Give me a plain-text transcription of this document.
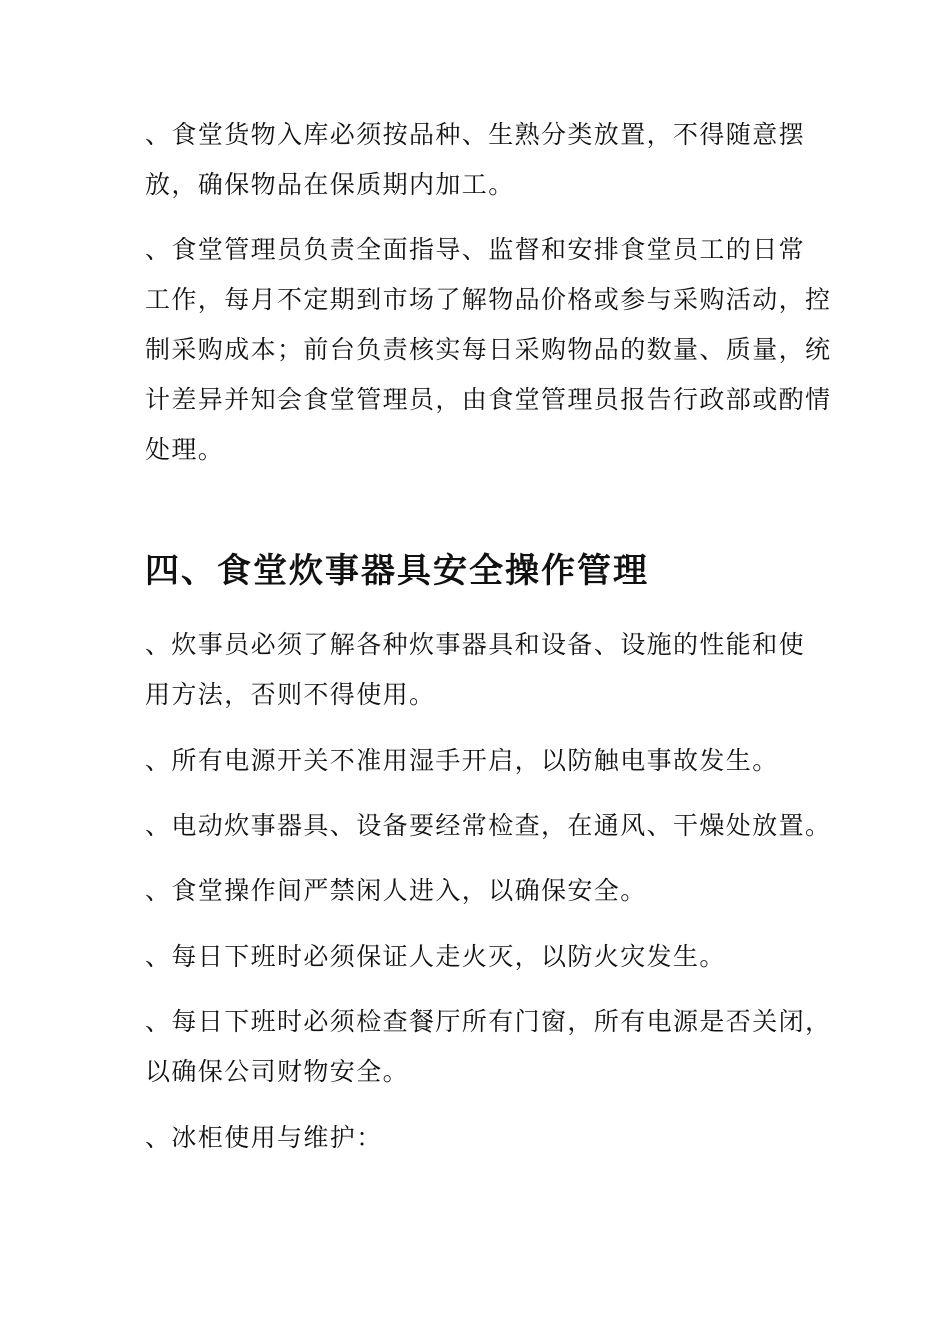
、食堂货物入库必须按品种、生熟分类放置，不得随意摆
放，确保物品在保质期内加工。

、食堂管理员负责全面指导、监督和安排食堂员工的日常
工作，每月不定期到市场了解物品价格或参与采购活动，控
制采购成本；前台负责核实每日采购物品的数量、质量，统
计差异并知会食堂管理员，由食堂管理员报告行政部或酌情
处理。

四、食堂炊事器具安全操作管理

、炊事员必须了解各种炊事器具和设备、设施的性能和使
用方法，否则不得使用。

、所有电源开关不准用湿手开启，以防触电事故发生。

、电动炊事器具、设备要经常检查，在通风、干燥处放置。

、食堂操作间严禁闲人进入，以确保安全。

、每日下班时必须保证人走火灭，以防火灾发生。

、每日下班时必须检查餐厅所有门窗，所有电源是否关闭，
以确保公司财物安全。

、冰柜使用与维护：
